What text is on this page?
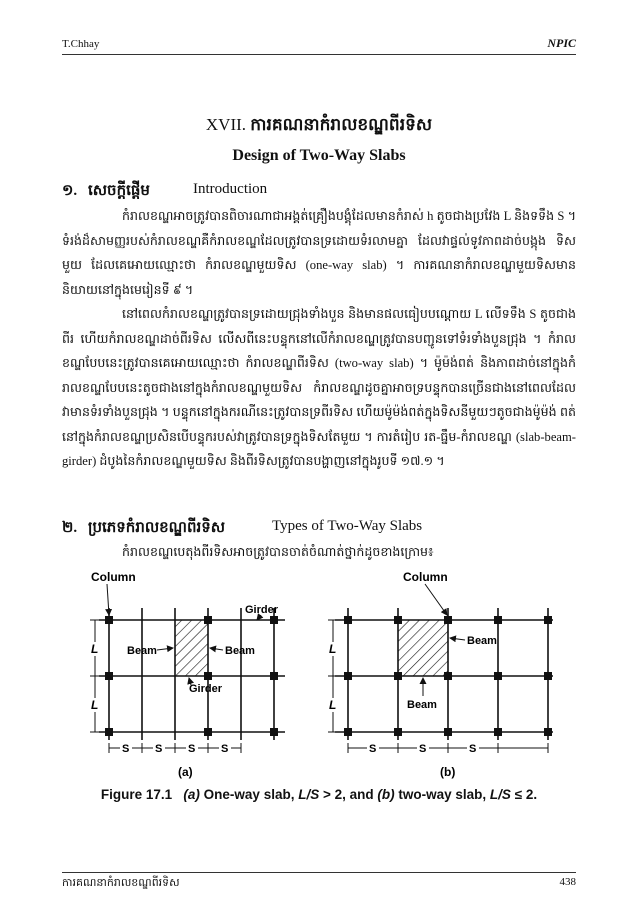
T.Chhay	NPIC
XVII. ការគណនាកំរាលខណ្ឌពីរទិស
Design of Two-Way Slabs
១. សេចក្តីផ្តើម	Introduction

កំរាលខណ្ឌអាចត្រូវបានពិចារណាជាអង្គត់គ្រឿងបង្គុំដែលមានកំរាស់ h តូចជាងប្រវែង L និងទទឹង S ។ ទំរង់ដ៏សាមញ្ញរបស់កំរាលខណ្ឌគឺកំរាលខណ្ឌដែលត្រូវបានទ្រដោយទំរលាមគ្នា ដែលវាផ្ទល់ទូវភាពដាច់បង្កុង ទិសមួយ ដែលគេអោយឈ្មោះថា កំរាលខណ្ឌមួយទិស (one-way slab) ។ ការគណនាកំរាលខណ្ឌមួយទិសមាន និយាយនៅក្នុងមេរៀនទី ៩ ។

នៅពេលកំរាលខណ្ឌត្រូវបានទ្រដោយជ្រុងទាំងបួន និងមានផលធៀបបណ្តោយ L លើទទឹង S តូចជាង ពីរ ហើយកំរាលខណ្ឌដាច់ពីរទិស លើសពីនេះបន្ទុកនៅលើកំរាលខណ្ឌត្រូវបានបញ្ជូនទៅទំរទាំងបួនជ្រុង ។ កំរាល ខណ្ឌបែបនេះត្រូវបានគេអោយឈ្មោះថា កំរាលខណ្ឌពីរទិស (two-way slab) ។ ម៉ូម៉ង់ពត់ និងភាពដាច់នៅក្នុងកំ រាលខណ្ឌបែបនេះតូចជាងនៅក្នុងកំរាលខណ្ឌមួយទិស កំរាលខណ្ឌដូចគ្នាអាចទ្របន្ទុកបានច្រើនជាងនៅពេលដែល វាមានទំរទាំងបួនជ្រុង ។ បន្ទុកនៅក្នុងករណីនេះត្រូវបានទ្រពីរទិស ហើយម៉ូម៉ង់ពត់ក្នុងទិសនីមួយៗតូចជាងម៉ូម៉ង់ ពត់នៅក្នុងកំរាលខណ្ឌប្រសិនបើបន្ទុករបស់វាត្រូវបានទ្រក្នុងទិសតែមួយ ។ ការតំរៀប រត-ធ្នឹម-កំរាលខណ្ឌ (slab-beam-girder) ដំបូងនៃកំរាលខណ្ឌមួយទិស និងពីរទិសត្រូវបានបង្ហាញនៅក្នុងរូបទី ១៧.១ ។

២. ប្រភេទកំរាលខណ្ឌពីរទិស	Types of Two-Way Slabs

កំរាលខណ្ឌបេតុងពីរទិសអាចត្រូវបានចាត់ចំណាត់ថ្នាក់ដូចខាងក្រោម៖

Column
Girder
Beam	Beam
Girder
L
L
S S S S
(a)
Column
Beam
Beam
L
L
S	S	S
(b)
Figure 17.1 (a) One-way slab, L/S > 2, and (b) two-way slab, L/S ≤ 2.
ការគណនាកំរាលខណ្ឌពីរទិស	438
